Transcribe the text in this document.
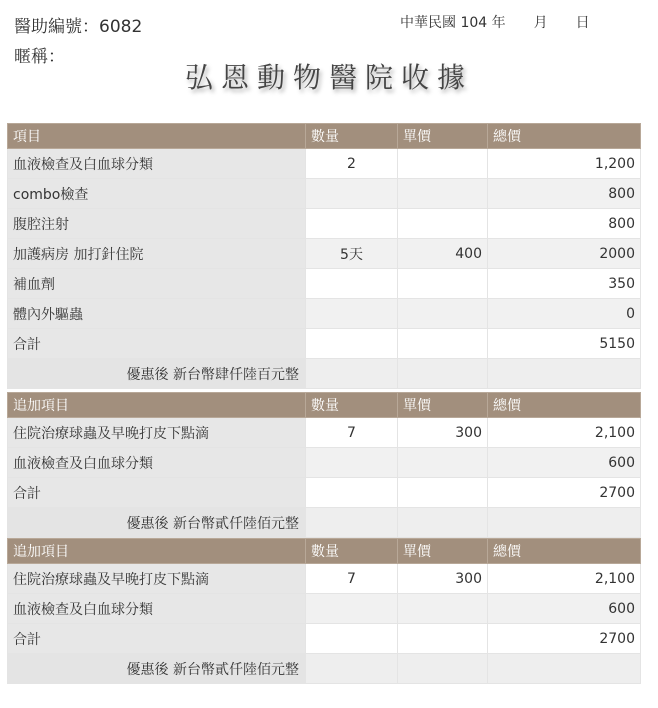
醫助編號：6082
暱稱：
中華民國 104 年　　月　　日
弘恩動物醫院收據
項目	數量	單價	總價
血液檢查及白血球分類	2		1,200
combo檢查			800
腹腔注射			800
加護病房 加打針住院	5天	400	2000
補血劑			350
體內外驅蟲			0
合計			5150
優惠後 新台幣肆仟陸百元整			
追加項目	數量	單價	總價
住院治療球蟲及早晚打皮下點滴	7	300	2,100
血液檢查及白血球分類			600
合計			2700
優惠後 新台幣貳仟陸佰元整			
追加項目	數量	單價	總價
住院治療球蟲及早晚打皮下點滴	7	300	2,100
血液檢查及白血球分類			600
合計			2700
優惠後 新台幣貳仟陸佰元整			
